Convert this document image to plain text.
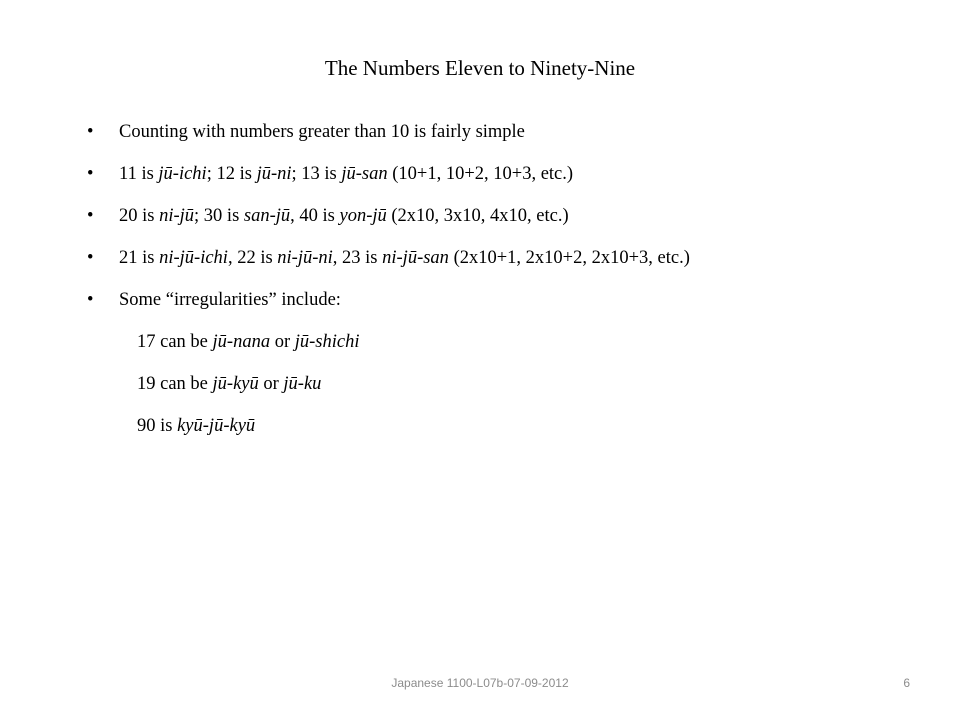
The Numbers Eleven to Ninety-Nine
• Counting with numbers greater than 10 is fairly simple
• 11 is jū-ichi; 12 is jū-ni; 13 is jū-san (10+1, 10+2, 10+3, etc.)
• 20 is ni-jū; 30 is san-jū, 40 is yon-jū (2x10, 3x10, 4x10, etc.)
• 21 is ni-jū-ichi, 22 is ni-jū-ni, 23 is ni-jū-san (2x10+1, 2x10+2, 2x10+3, etc.)
• Some “irregularities” include:
17 can be jū-nana or jū-shichi
19 can be jū-kyū or jū-ku
90 is kyū-jū-kyū
Japanese 1100-L07b-07-09-2012	6
